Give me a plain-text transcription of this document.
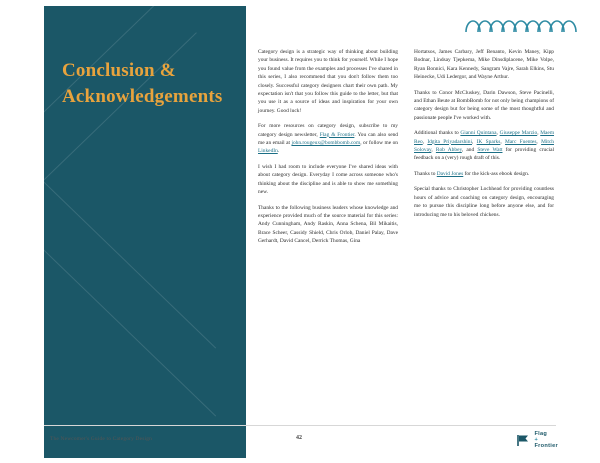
Conclusion &
Acknowledgements

Category design is a strategic way of thinking about building your business. It requires you to think for yourself. While I hope you found value from the examples and processes I've shared in this series, I also recommend that you don't follow them too closely. Successful category designers chart their own path. My expectation isn't that you follow this guide to the letter, but that you use it as a source of ideas and inspiration for your own journey. Good luck!

For more resources on category design, subscribe to my category design newsletter, Flag & Frontier. You can also send me an email at john.rougeux@bombbomb.com, or follow me on LinkedIn.

I wish I had room to include everyone I've shared ideas with about category design. Everyday I come across someone who's thinking about the discipline and is able to show me something new.

Thanks to the following business leaders whose knowledge and experience provided much of the source material for this series: Andy Cunningham, Andy Raskin, Anna Schena, Bil Mikaitis, Brace Scheer, Cassidy Shield, Chris Orlob, Daniel Palay, Dave Gerhardt, David Cancel, Derrick Thomas, Gina

Hortatsos, James Carbary, Jeff Benanto, Kevin Maney, Kipp Bodnar, Lindsay Tjepkema, Mike Dinsdiplacene, Mike Volpe, Ryan Bonnici, Kara Kennedy, Sangram Vajre, Sarah Elkins, Stu Heinecke, Udi Ledergor, and Wayne Arthur.

Thanks to Conor McCluskey, Darin Dawson, Steve Pacinelli, and Ethan Beute at BombBomb for not only being champions of category design but for being some of the most thoughtful and passionate people I've worked with.

Additional thanks to Gianni Quintana, Giuseppe Marzio, Maem Reo, Idgita Priyadarshini, IK Sparks, Marc Fuentes, Mitch Solovay, Rob Abbey, and Steve Watt for providing crucial feedback on a (very) rough draft of this.

Thanks to David Jones for the kick-ass ebook design.

Special thanks to Christopher Lochhead for providing countless hours of advice and coaching on category design, encouraging me to pursue this discipline long before anyone else, and for introducing me to his beloved chickens.

The Newcomer's Guide to Category Design	42
Flag
+
Frontier
